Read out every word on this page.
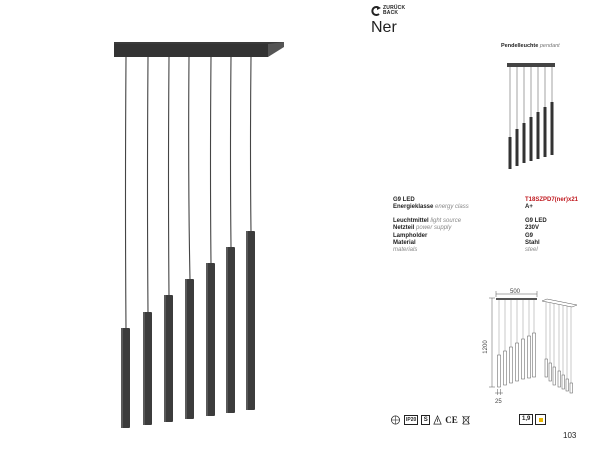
ZURÜCK
BACK
Ner
Pendelleuchte pendant
G9 LED	T18SZPD7(ner)x21
Energieklasse energy class	A+
Leuchtmittel light source	G9 LED
Netzteil power supply	230V
Lampholder	G9
Material	Stahl
materials	steel
500
1200
25
IP20	S CE	1,9
103
